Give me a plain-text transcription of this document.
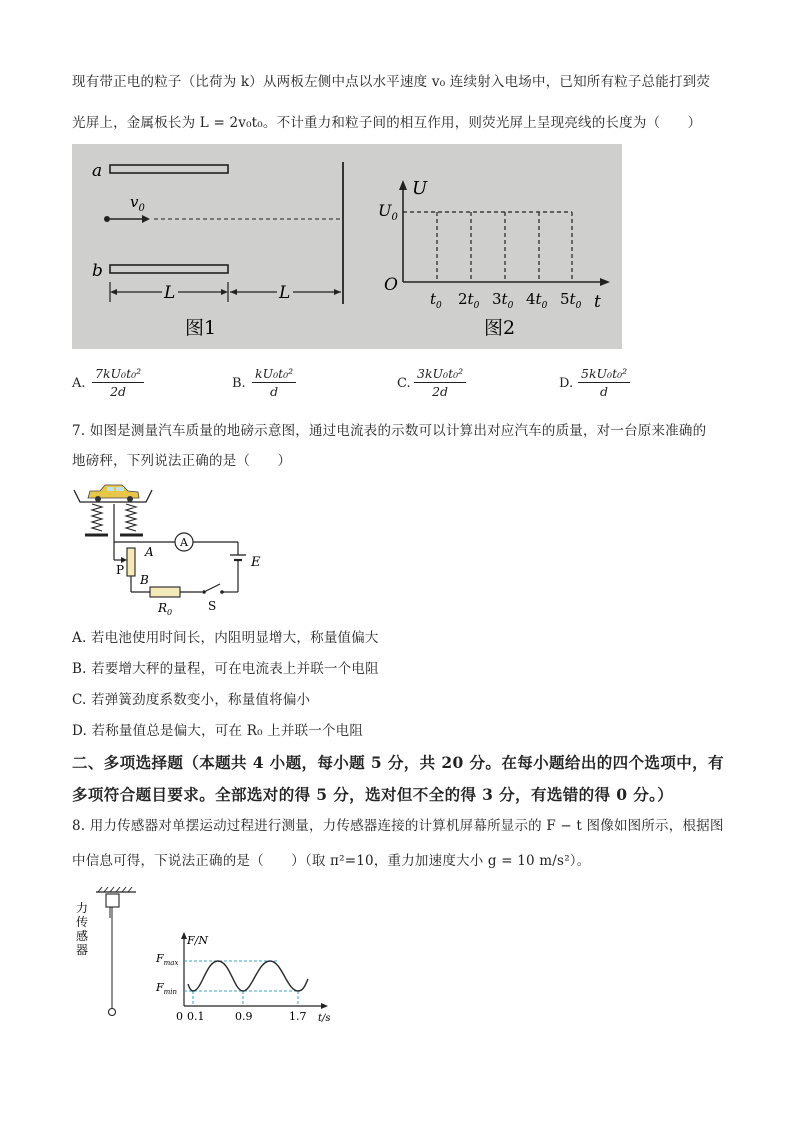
现有带正电的粒子（比荷为 k）从两板左侧中点以水平速度 v₀ 连续射入电场中，已知所有粒子总能打到荧
光屏上，金属板长为 L = 2v₀t₀。不计重力和粒子间的相互作用，则荧光屏上呈现亮线的长度为（　　）
a
$v_0$
b
L	L
图1
U
t
O
$U_0$
$t_0$ $2t_0$ $3t_0$ $4t_0$ $5t_0$
图2
A. $\frac{\text{7kU₀t₀²}}{2d}$	B. $\frac{\text{kU₀t₀²}}{d}$	C. $\frac{\text{3kU₀t₀²}}{2d}$	D. $\frac{\text{5kU₀t₀²}}{d}$
7. 如图是测量汽车质量的地磅示意图，通过电流表的示数可以计算出对应汽车的质量，对一台原来准确的
地磅秤，下列说法正确的是（　　）
A
E
A
B
P
$R_0$	S
A. 若电池使用时间长，内阻明显增大，称量值偏大
B. 若要增大秤的量程，可在电流表上并联一个电阻
C. 若弹簧劲度系数变小，称量值将偏小
D. 若称量值总是偏大，可在 R₀ 上并联一个电阻
二、多项选择题（本题共 4 小题，每小题 5 分，共 20 分。在每小题给出的四个选项中，有
多项符合题目要求。全部选对的得 5 分，选对但不全的得 3 分，有选错的得 0 分。）
8. 用力传感器对单摆运动过程进行测量，力传感器连接的计算机屏幕所显示的 F − t 图像如图所示，根据图
中信息可得，下说法正确的是（　　）（取 π²=10，重力加速度大小 g = 10 m/s²）。
力 传 感 器
F/N
t/s
$F_{max}$
$F_{min}$
0 0.1	0.9	1.7
